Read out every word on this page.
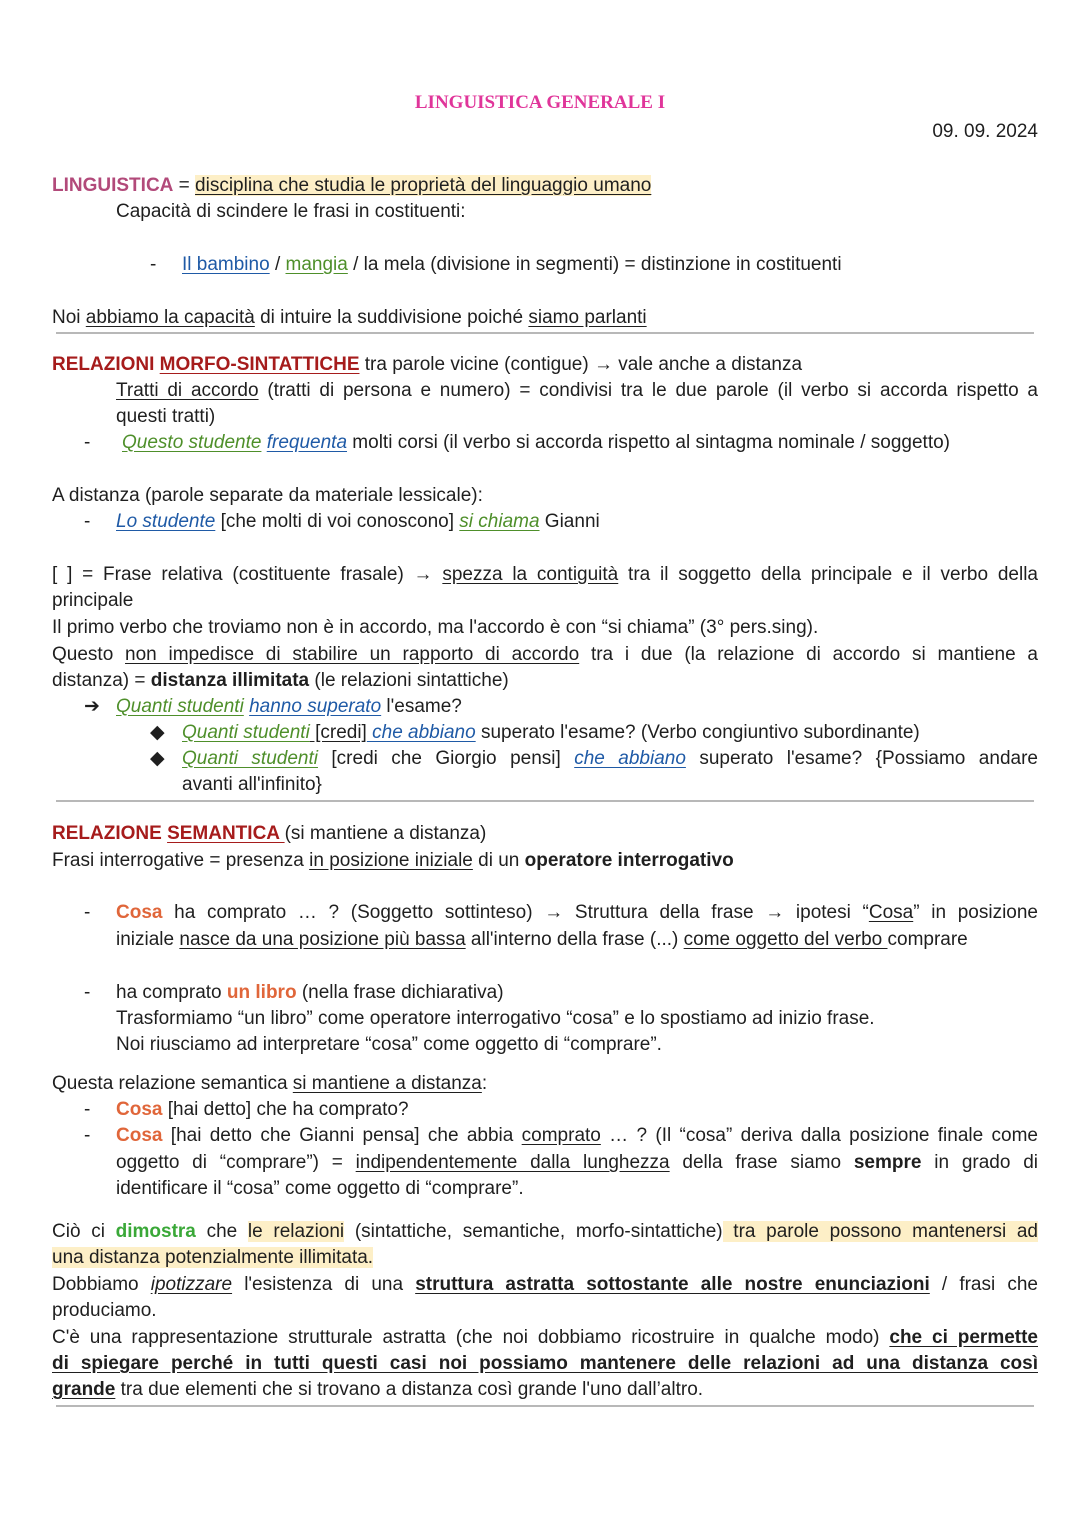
LINGUISTICA GENERALE I
09. 09. 2024
LINGUISTICA = disciplina che studia le proprietà del linguaggio umano
Capacità di scindere le frasi in costituenti:
- Il bambino / mangia / la mela (divisione in segmenti) = distinzione in costituenti
Noi abbiamo la capacità di intuire la suddivisione poiché siamo parlanti
RELAZIONI MORFO-SINTATTICHE tra parole vicine (contigue) → vale anche a distanza
Tratti di accordo (tratti di persona e numero) = condivisi tra le due parole (il verbo si accorda rispetto a
questi tratti)
- Questo studente frequenta molti corsi (il verbo si accorda rispetto al sintagma nominale / soggetto)
A distanza (parole separate da materiale lessicale):
- Lo studente [che molti di voi conoscono] si chiama Gianni
[ ] = Frase relativa (costituente frasale) → spezza la contiguità tra il soggetto della principale e il verbo della
principale
Il primo verbo che troviamo non è in accordo, ma l'accordo è con “si chiama” (3° pers.sing).
Questo non impedisce di stabilire un rapporto di accordo tra i due (la relazione di accordo si mantiene a
distanza) = distanza illimitata (le relazioni sintattiche)
➔ Quanti studenti hanno superato l'esame?
◆ Quanti studenti [credi] che abbiano superato l'esame? (Verbo congiuntivo subordinante)
◆ Quanti studenti [credi che Giorgio pensi] che abbiano superato l'esame? {Possiamo andare
avanti all'infinito}
RELAZIONE SEMANTICA (si mantiene a distanza)
Frasi interrogative = presenza in posizione iniziale di un operatore interrogativo
- Cosa ha comprato … ? (Soggetto sottinteso) → Struttura della frase → ipotesi “Cosa” in posizione
iniziale nasce da una posizione più bassa all'interno della frase (...) come oggetto del verbo comprare
- ha comprato un libro (nella frase dichiarativa)
Trasformiamo “un libro” come operatore interrogativo “cosa” e lo spostiamo ad inizio frase.
Noi riusciamo ad interpretare “cosa” come oggetto di “comprare”.
Questa relazione semantica si mantiene a distanza:
- Cosa [hai detto] che ha comprato?
- Cosa [hai detto che Gianni pensa] che abbia comprato … ? (Il “cosa” deriva dalla posizione finale come
oggetto di “comprare”) = indipendentemente dalla lunghezza della frase siamo sempre in grado di
identificare il “cosa” come oggetto di “comprare”.
Ciò ci dimostra che le relazioni (sintattiche, semantiche, morfo-sintattiche) tra parole possono mantenersi ad
una distanza potenzialmente illimitata.
Dobbiamo ipotizzare l'esistenza di una struttura astratta sottostante alle nostre enunciazioni / frasi che
produciamo.
C'è una rappresentazione strutturale astratta (che noi dobbiamo ricostruire in qualche modo) che ci permette
di spiegare perché in tutti questi casi noi possiamo mantenere delle relazioni ad una distanza così
grande tra due elementi che si trovano a distanza così grande l'uno dall’altro.
